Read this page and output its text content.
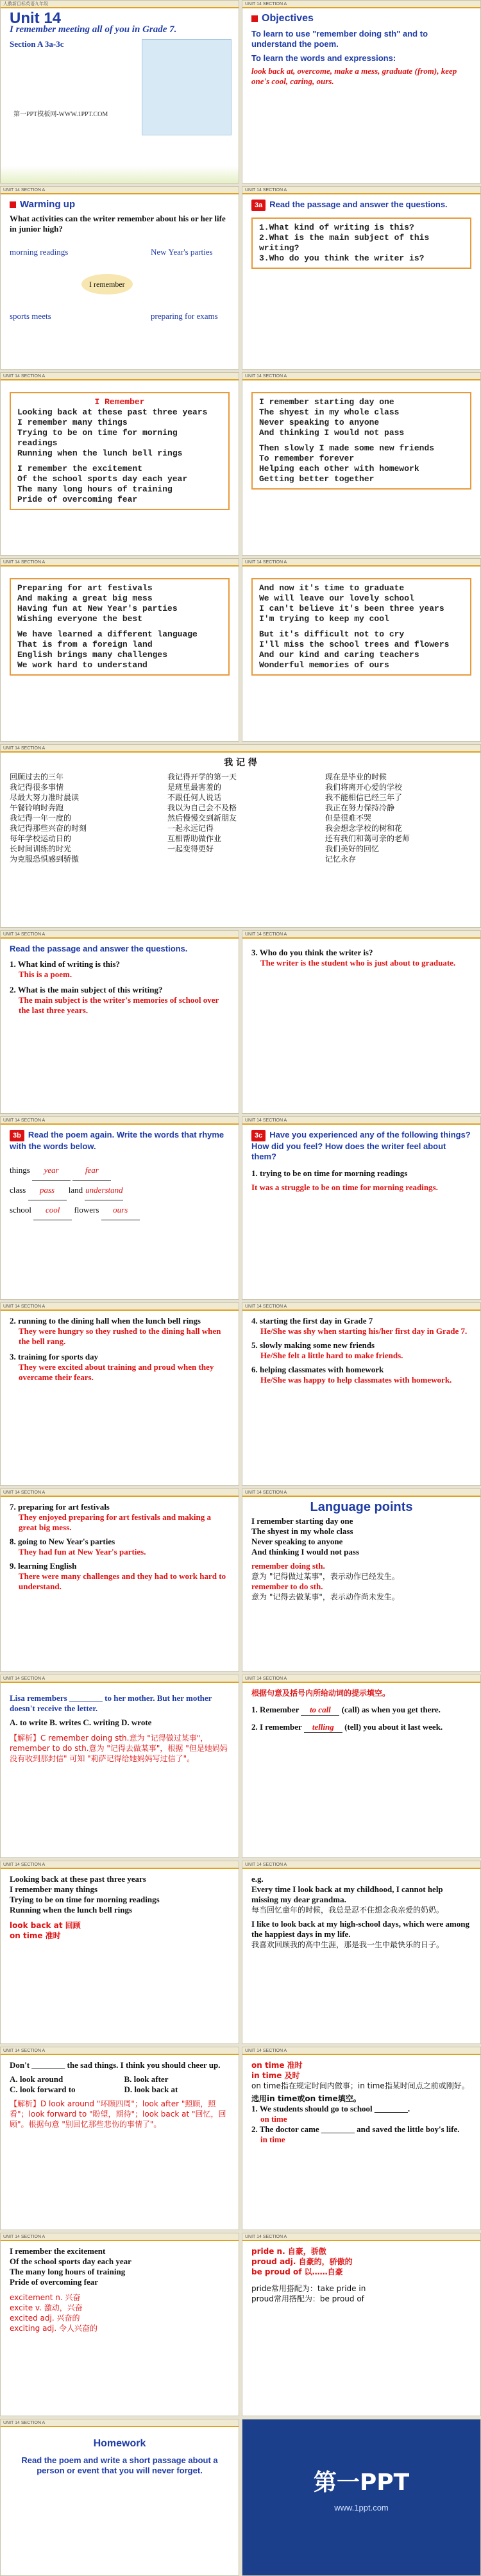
人教新目标英语九年级
Unit 14
I remember meeting all of you in Grade 7.
Section A 3a-3c
第一PPT模板网-WWW.1PPT.COM
UNIT 14 SECTION A
Objectives
To learn to use "remember doing sth" and to understand the poem.
To learn the words and expressions:
look back at, overcome, make a mess, graduate (from), keep one's cool, caring, ours.
UNIT 14 SECTION A
Warming up
What activities can the writer remember about his or her life in junior high?
I remember
morning readings	New Year's parties
sports meets	preparing for exams
UNIT 14 SECTION A
3a Read the passage and answer the questions.
1.What kind of writing is this?
2.What is the main subject of this writing?
3.Who do you think the writer is?
UNIT 14 SECTION A
I Remember
Looking back at these past three years
I remember many things
Trying to be on time for morning readings
Running when the lunch bell rings
I remember the excitement
Of the school sports day each year
The many long hours of training
Pride of overcoming fear
UNIT 14 SECTION A
I remember starting day one
The shyest in my whole class
Never speaking to anyone
And thinking I would not pass
Then slowly I made some new friends
To remember forever
Helping each other with homework
Getting better together
UNIT 14 SECTION A
Preparing for art festivals
And making a great big mess
Having fun at New Year's parties
Wishing everyone the best
We have learned a different language
That is from a foreign land
English brings many challenges
We work hard to understand
UNIT 14 SECTION A
And now it's time to graduate
We will leave our lovely school
I can't believe it's been three years
I'm trying to keep my cool
But it's difficult not to cry
I'll miss the school trees and flowers
And our kind and caring teachers
Wonderful memories of ours
UNIT 14 SECTION A
我 记 得
回顾过去的三年
我记得很多事情
尽最大努力准时晨读
午餐铃响时奔跑
我记得一年一度的
我记得那些兴奋的时刻
每年学校运动日的
长时间训练的时光
为克服恐惧感到骄傲
我记得开学的第一天
是班里最害羞的
不跟任何人说话
我以为自己会不及格
然后慢慢交到新朋友
一起永远记得
互相帮助做作业
一起变得更好
现在是毕业的时候
我们将离开心爱的学校
我不能相信已经三年了
我正在努力保持冷静
但是很难不哭
我会想念学校的树和花
还有我们和蔼可亲的老师
我们美好的回忆
记忆永存
UNIT 14 SECTION A
Read the passage and answer the questions.
1. What kind of writing is this?
This is a poem.
2. What is the main subject of this writing?
The main subject is the writer's memories of school over the last three years.
UNIT 14 SECTION A
3. Who do you think the writer is?
The writer is the student who is just about to graduate.
UNIT 14 SECTION A
3b Read the poem again. Write the words that rhyme with the words below.
things year	fear
class pass land understand
school cool flowers ours
UNIT 14 SECTION A
3c Have you experienced any of the following things? How did you feel? How does the writer feel about them?
1. trying to be on time for morning readings
It was a struggle to be on time for morning readings.
UNIT 14 SECTION A
2. running to the dining hall when the lunch bell rings
They were hungry so they rushed to the dining hall when the bell rang.
3. training for sports day
They were excited about training and proud when they overcame their fears.
UNIT 14 SECTION A
4. starting the first day in Grade 7
He/She was shy when starting his/her first day in Grade 7.
5. slowly making some new friends
He/She felt a little hard to make friends.
6. helping classmates with homework
He/She was happy to help classmates with homework.
UNIT 14 SECTION A
7. preparing for art festivals
They enjoyed preparing for art festivals and making a great big mess.
8. going to New Year's parties
They had fun at New Year's parties.
9. learning English
There were many challenges and they had to work hard to understand.
UNIT 14 SECTION A
Language points
I remember starting day one
The shyest in my whole class
Never speaking to anyone
And thinking I would not pass
remember doing sth.
意为 "记得做过某事"，表示动作已经发生。
remember to do sth.
意为 "记得去做某事"，表示动作尚未发生。
UNIT 14 SECTION A
Lisa remembers ________ to her mother. But her mother doesn't receive the letter.
A. to write B. writes C. writing D. wrote
【解析】C remember doing sth.意为 "记得做过某事"，remember to do sth.意为 "记得去做某事"，根据 "但是她妈妈没有收到那封信" 可知 "莉萨记得给她妈妈写过信了"。
UNIT 14 SECTION A
根据句意及括号内所给动词的提示填空。
1. Remember to call (call) as when you get there.
2. I remember telling (tell) you about it last week.
UNIT 14 SECTION A
Looking back at these past three years
I remember many things
Trying to be on time for morning readings
Running when the lunch bell rings
look back at 回顾
on time 准时
UNIT 14 SECTION A
e.g.
Every time I look back at my childhood, I cannot help missing my dear grandma.
每当回忆童年的时候，我总是忍不住想念我亲爱的奶奶。
I like to look back at my high-school days, which were among the happiest days in my life.
我喜欢回顾我的高中生涯，那是我一生中最快乐的日子。
UNIT 14 SECTION A
Don't ________ the sad things. I think you should cheer up.
A. look around
C. look forward to
B. look after
D. look back at
【解析】D look around "环顾四周"；look after "照顾，照看"；look forward to "盼望，期待"；look back at "回忆，回顾"。根据句意 "别回忆那些悲伤的事情了"。
UNIT 14 SECTION A
on time 准时
in time 及时
on time指在规定时间内做事；in time指某时间点之前或刚好。
选用in time或on time填空。
1. We students should go to school ________.
on time
2. The doctor came ________ and saved the little boy's life.
in time
UNIT 14 SECTION A
I remember the excitement
Of the school sports day each year
The many long hours of training
Pride of overcoming fear
excitement n. 兴奋
excite v. 激动，兴奋
excited adj. 兴奋的
exciting adj. 令人兴奋的
UNIT 14 SECTION A
pride n. 自豪，骄傲
proud adj. 自豪的，骄傲的
be proud of 以……自豪
pride常用搭配为：take pride in
proud常用搭配为：be proud of
UNIT 14 SECTION A
Homework
Read the poem and write a short passage about a person or event that you will never forget.	第一PPT
www.1ppt.com
